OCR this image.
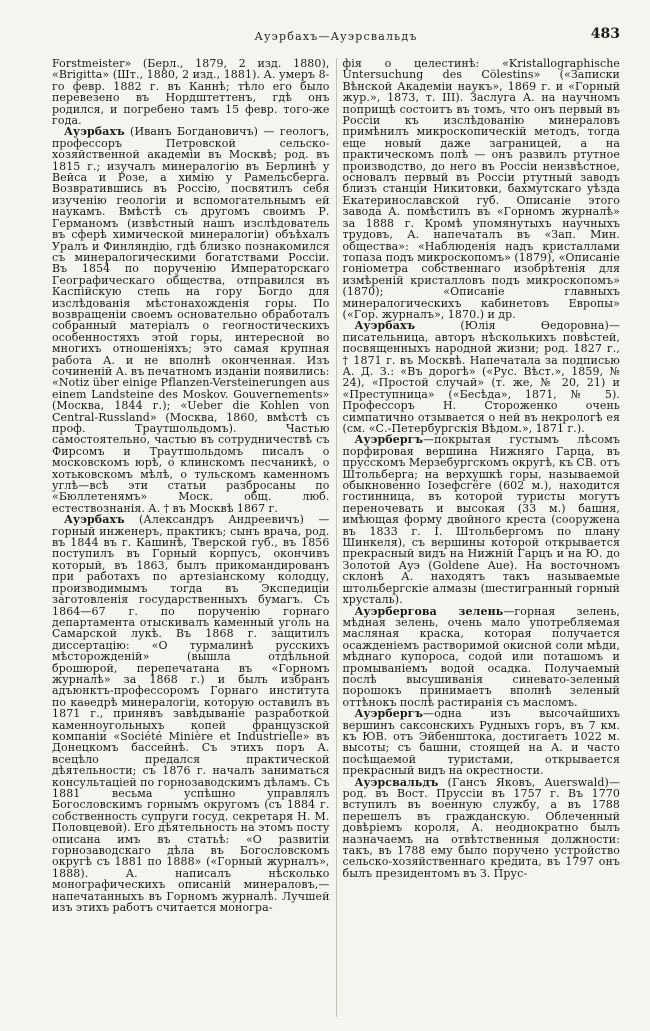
Ауэрбахъ—Ауэрсвальдъ	483

Forstmeister» (Берл., 1879, 2 изд. 1880), «Brigitta» (Шт., 1880, 2 изд., 1881). А. умеръ 8-го февр. 1882 г. въ Каннѣ; тѣло его было перевезено въ Нордштеттенъ, гдѣ онъ родился, и погребено тамъ 15 февр. того-же года.

Ауэрбахъ (Иванъ Богдановичъ) — геологъ, профессоръ Петровской сельско-хозяйственной академіи въ Москвѣ; род. въ 1815 г.; изучалъ минералогію въ Берлинѣ у Вейса и Розе, а химію у Рамельсберга. Возвратившись въ Россію, посвятилъ себя изученію геологіи и вспомогательнымъ ей наукамъ. Вмѣстѣ съ другомъ своимъ Р. Германомъ (извѣстный нашъ изслѣдователь въ сферѣ химической минералогіи) объѣхалъ Уралъ и Финляндію, гдѣ близко познакомился съ минералогическими богатствами Россіи. Въ 1854 по порученію Императорскаго Географическаго общества, отправился въ Каспійскую степь на гору Богдо для изслѣдованія мѣстонахожденія горы. По возвращеніи своемъ основательно обработалъ собранный матеріалъ о геогностическихъ особенностяхъ этой горы, интересной во многихъ отношеніяхъ; это самая крупная работа А. и не вполнѣ оконченная. Изъ сочиненій А. въ печатномъ изданіи появились: «Notiz über einige Pflanzen-Versteinerungen aus einem Landsteine des Moskov. Gouvernements» (Москва, 1844 г.); «Ueber die Kohlen von Central-Russland» (Москва, 1860, вмѣстѣ съ проф. Траутшольдомъ). Частью самостоятельно, частью въ сотрудничествѣ съ Фирсомъ и Траутшольдомъ писалъ о московскомъ юрѣ, о клинскомъ песчаникѣ, о хотьковскомъ мѣлѣ, о тульскомъ каменномъ углѣ—всѣ эти статьи разбросаны по «Бюллетенямъ» Моск. общ. люб. естествознанія. А. † въ Москвѣ 1867 г.

Ауэрбахъ (Александръ Андреевичъ) — горный инженеръ, практикъ; сынъ врача, род. въ 1844 въ г. Кашинѣ, Тверской губ., въ 1856 поступилъ въ Горный корпусъ, окончивъ который, въ 1863, былъ прикомандированъ при работахъ по артезіанскому колодцу, производимымъ тогда въ Экспедиціи заготовленія государственныхъ бумагъ. Съ 1864—67 г. по порученію горнаго департамента отыскивалъ каменный уголь на Самарской лукѣ. Въ 1868 г. защитилъ диссертацію: «О турмалинѣ русскихъ мѣсторожденій» (вышла отдѣльной брошюрой, перепечатана въ «Горномъ журналѣ» за 1868 г.) и былъ избранъ адъюнктъ-профессоромъ Горнаго института по каѳедрѣ минералогіи, которую оставилъ въ 1871 г., принявъ завѣдываніе разработкой каменноугольныхъ копей французской компаніи «Société Minière et Industrielle» въ Донецкомъ бассейнѣ. Съ этихъ поръ А. всецѣло предался практической дѣятельности; съ 1876 г. началъ заниматься консультаціей по горнозаводскимъ дѣламъ. Съ 1881 весьма успѣшно управлялъ Богословскимъ горнымъ округомъ (съ 1884 г. собственность супруги госуд. секретаря Н. М. Половцевой). Его дѣятельность на этомъ посту описана имъ въ статьѣ: «О развитіи горнозаводскаго дѣла въ Богословскомъ округѣ съ 1881 по 1888» («Горный журналъ», 1888). А. написалъ нѣсколько монографическихъ описаній минераловъ,—напечатанныхъ въ Горномъ журналѣ. Лучшей изъ этихъ работъ считается моногра-

фія о целестинѣ: «Kristallographische Untersuchung des Cölestins» («Записки Вѣнской Академіи наукъ», 1869 г. и «Горный жур.», 1873, т. III). Заслуга А. на научномъ поприщѣ состоитъ въ томъ, что онъ первый въ Россіи къ изслѣдованію минераловъ примѣнилъ микроскопическій методъ, тогда еще новый даже заграницей, а на практическомъ полѣ — онъ развилъ ртутное производство, до него въ Россіи неизвѣстное, основалъ первый въ Россіи ртутный заводъ близъ станціи Никитовки, бахмутскаго уѣзда Екатеринославской губ. Описаніе этого завода А. помѣстилъ въ «Горномъ журналѣ» за 1888 г. Кромѣ упомянутыхъ научныхъ трудовъ, А. напечаталъ въ «Зап. Мин. общества»: «Наблюденія надъ кристаллами топаза подъ микроскопомъ» (1879), «Описаніе гоніометра собственнаго изобрѣтенія для измѣреній кристалловъ подъ микроскопомъ» (1870); «Описаніе главныхъ минералогическихъ кабинетовъ Европы» («Гор. журналъ», 1870.) и др.

Ауэрбахъ (Юлія Ѳедоровна)—писательница, авторъ нѣсколькихъ повѣстей, посвященныхъ народной жизни; род. 1827 г., † 1871 г. въ Москвѣ. Напечатала за подписью А. Д. З.: «Въ дорогѣ» («Рус. Вѣст.», 1859, № 24), «Простой случай» (т. же, № 20, 21) и «Преступница» («Бесѣда», 1871, № 5). Профессоръ Н. Стороженко очень симпатично отзывается о ней въ некрологѣ ея (см. «С.-Петербургскія Вѣдом.», 1871 г.).

Ауэрбергъ—покрытая густымъ лѣсомъ порфировая вершина Нижняго Гарца, въ прусскомъ Мерзебургскомъ округѣ, къ СВ. отъ Штольберга; на верхушкѣ горы, называемой обыкновенно Іозефсгёге (602 м.), находится гостинница, въ которой туристы могутъ переночевать и высокая (33 м.) башня, имѣющая форму двойного креста (сооружена въ 1833 г. І. Штольбергомъ по плану Шинкеля), съ вершины которой открывается прекрасный видъ на Нижній Гарцъ и на Ю. до Золотой Ауэ (Goldene Aue). На восточномъ склонѣ А. находятъ такъ называемые штольбергскіе алмазы (шестигранный горный хрусталь).

Ауэрбергова зелень—горная зелень, мѣдная зелень, очень мало употребляемая масляная краска, которая получается осажденіемъ растворимой окисной соли мѣди, мѣднаго купороса, содой или поташомъ и промываніемъ водой осадка. Получаемый послѣ высушиванія синевато-зеленый порошокъ принимаетъ вполнѣ зеленый оттѣнокъ послѣ растиранія съ масломъ.

Ауэрбергъ—одна изъ высочайшихъ вершинъ саксонскихъ Рудныхъ горъ, въ 7 км. къ ЮВ. отъ Эйбенштока, достигаетъ 1022 м. высоты; съ башни, стоящей на А. и часто посѣщаемой туристами, открывается прекрасный видъ на окрестности.

Ауэрсвальдъ (Гансъ Яковъ, Auerswald)—род. въ Вост. Пруссіи въ 1757 г. Въ 1770 вступилъ въ военную службу, а въ 1788 перешелъ въ гражданскую. Облеченный довѣріемъ короля, А. неоднократно былъ назначаемъ на отвѣтственныя должности: такъ, въ 1788 ему было поручено устройство сельско-хозяйственнаго кредита, въ 1797 онъ былъ президентомъ въ З. Прус-
